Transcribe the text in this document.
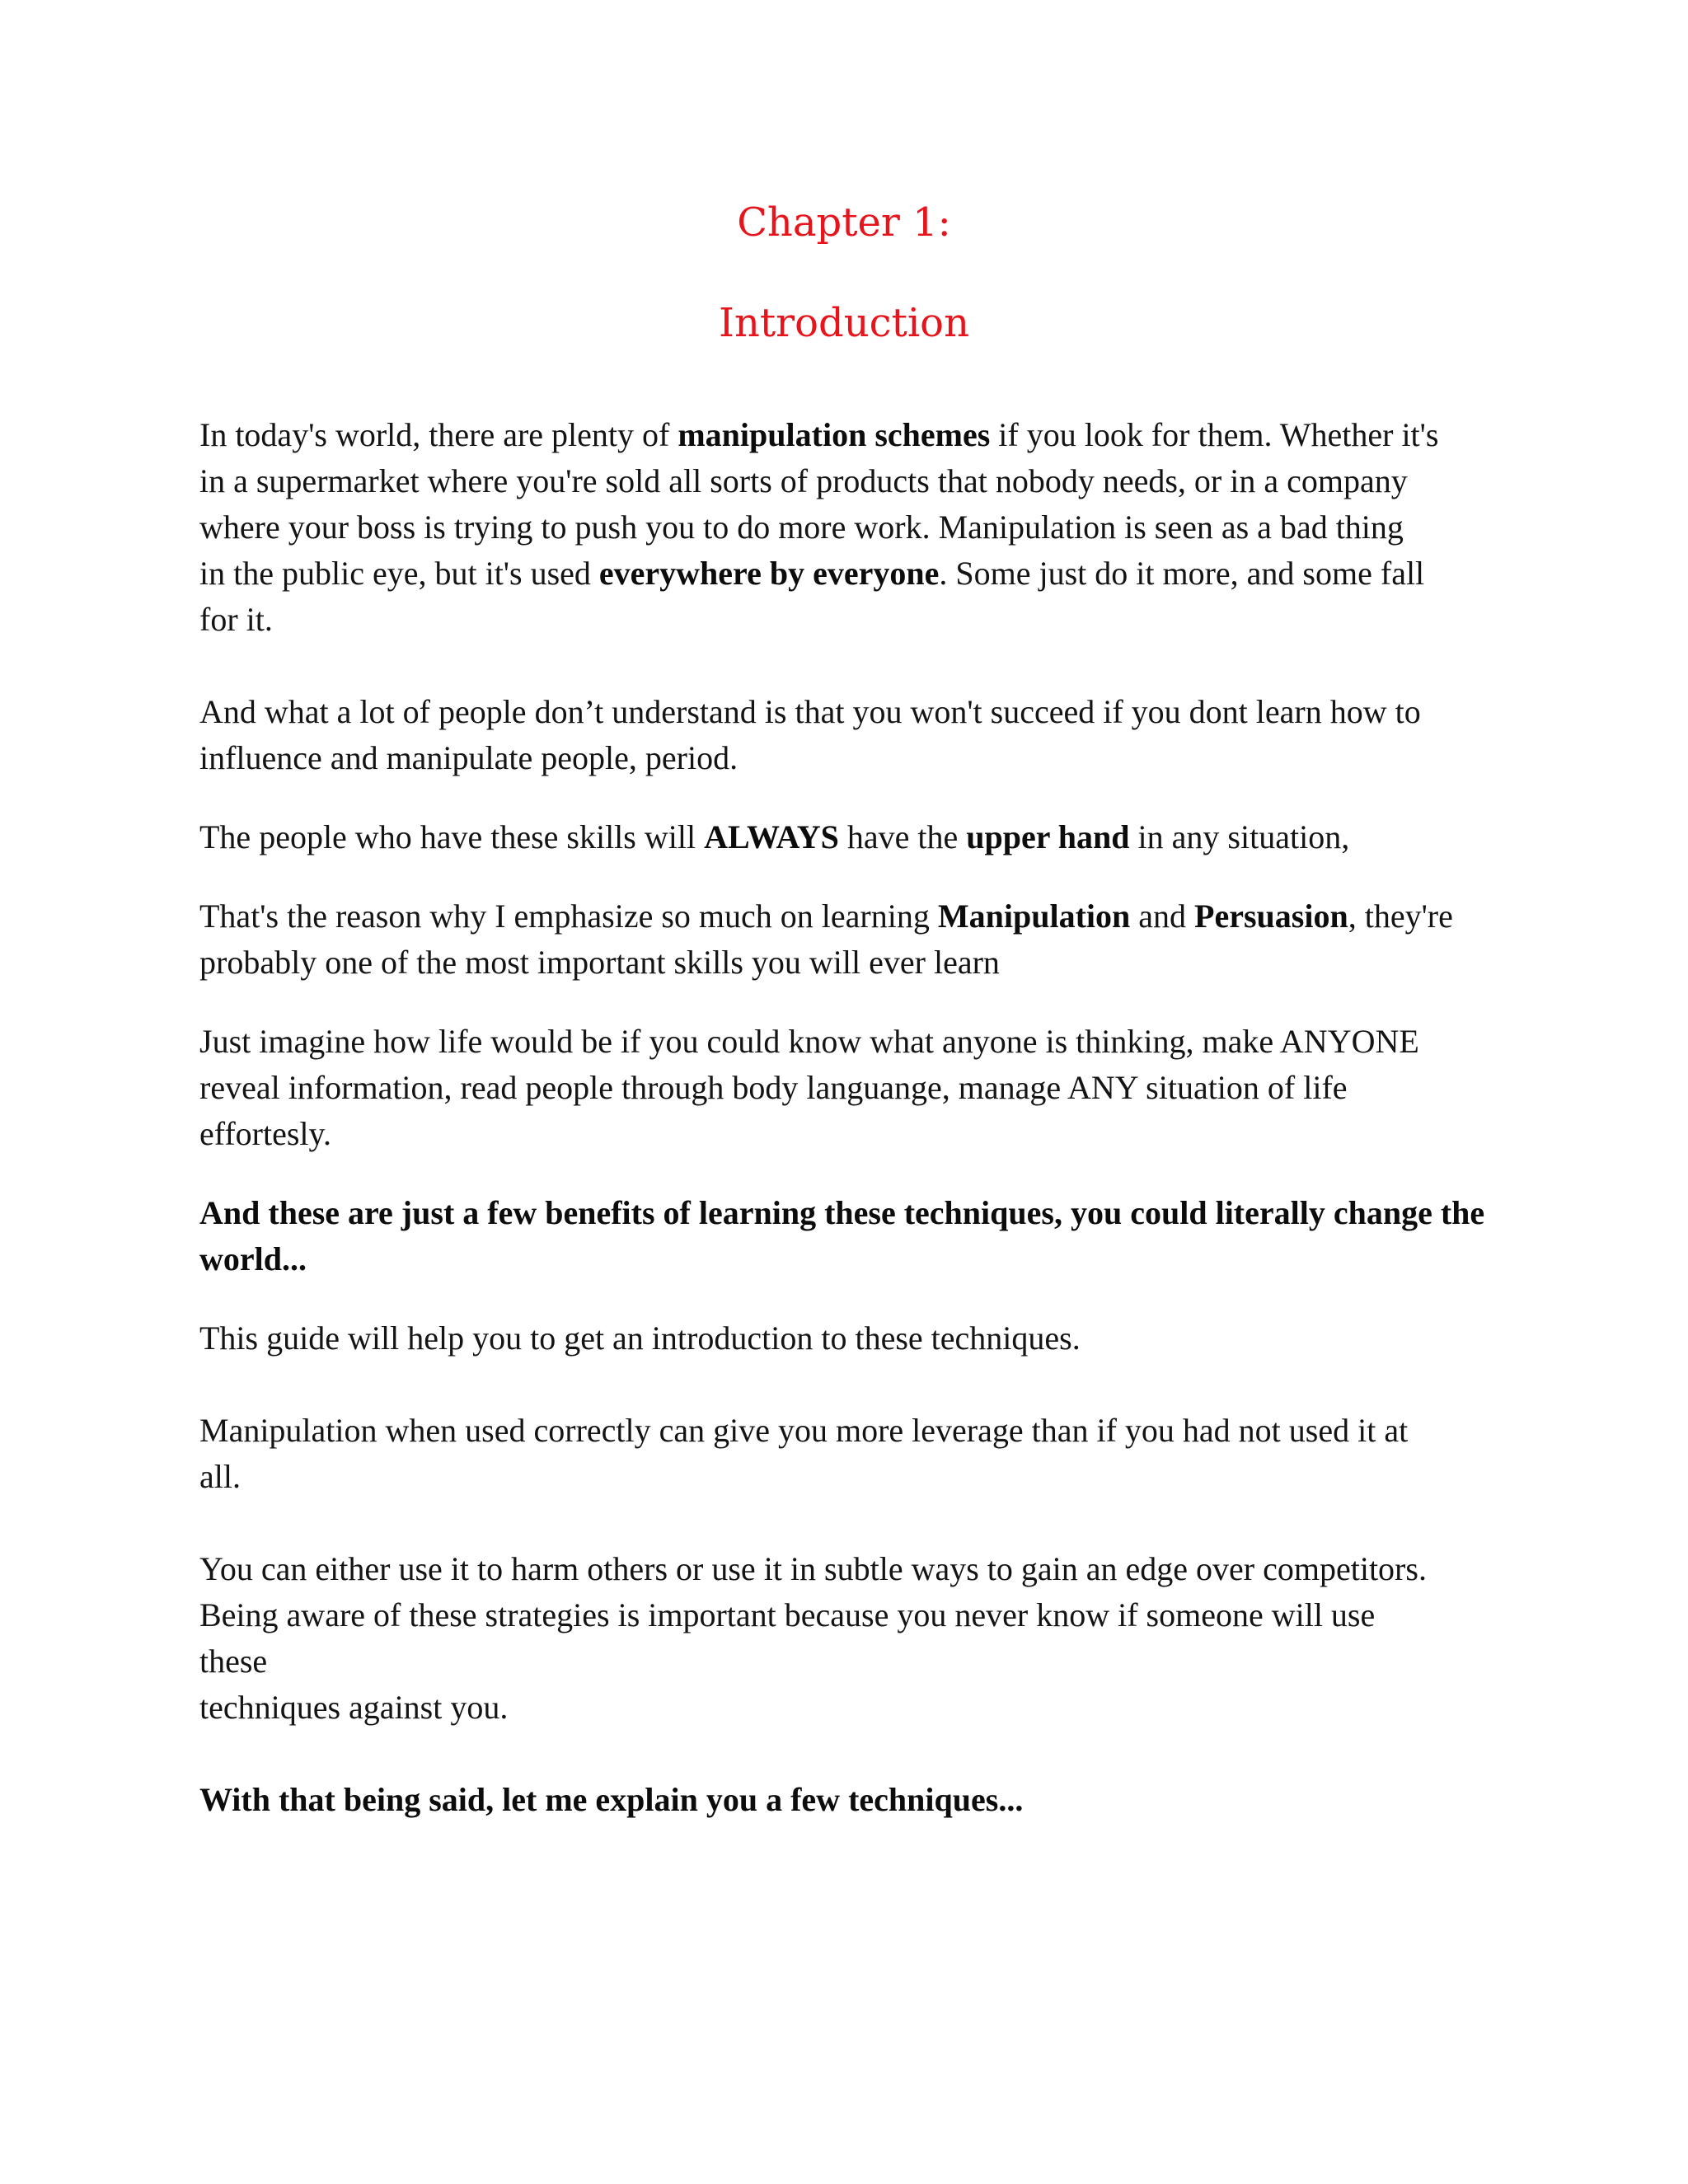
Chapter 1:
Introduction

In today's world, there are plenty of manipulation schemes if you look for them. Whether it's
in a supermarket where you're sold all sorts of products that nobody needs, or in a company
where your boss is trying to push you to do more work. Manipulation is seen as a bad thing
in the public eye, but it's used everywhere by everyone. Some just do it more, and some fall
for it.

And what a lot of people don’t understand is that you won't succeed if you dont learn how to
influence and manipulate people, period.

The people who have these skills will ALWAYS have the upper hand in any situation,

That's the reason why I emphasize so much on learning Manipulation and Persuasion, they're
probably one of the most important skills you will ever learn

Just imagine how life would be if you could know what anyone is thinking, make ANYONE
reveal information, read people through body languange, manage ANY situation of life
effortesly.

And these are just a few benefits of learning these techniques, you could literally change the
world...

This guide will help you to get an introduction to these techniques.

Manipulation when used correctly can give you more leverage than if you had not used it at
all.

You can either use it to harm others or use it in subtle ways to gain an edge over competitors.
Being aware of these strategies is important because you never know if someone will use
these
techniques against you.

With that being said, let me explain you a few techniques...
